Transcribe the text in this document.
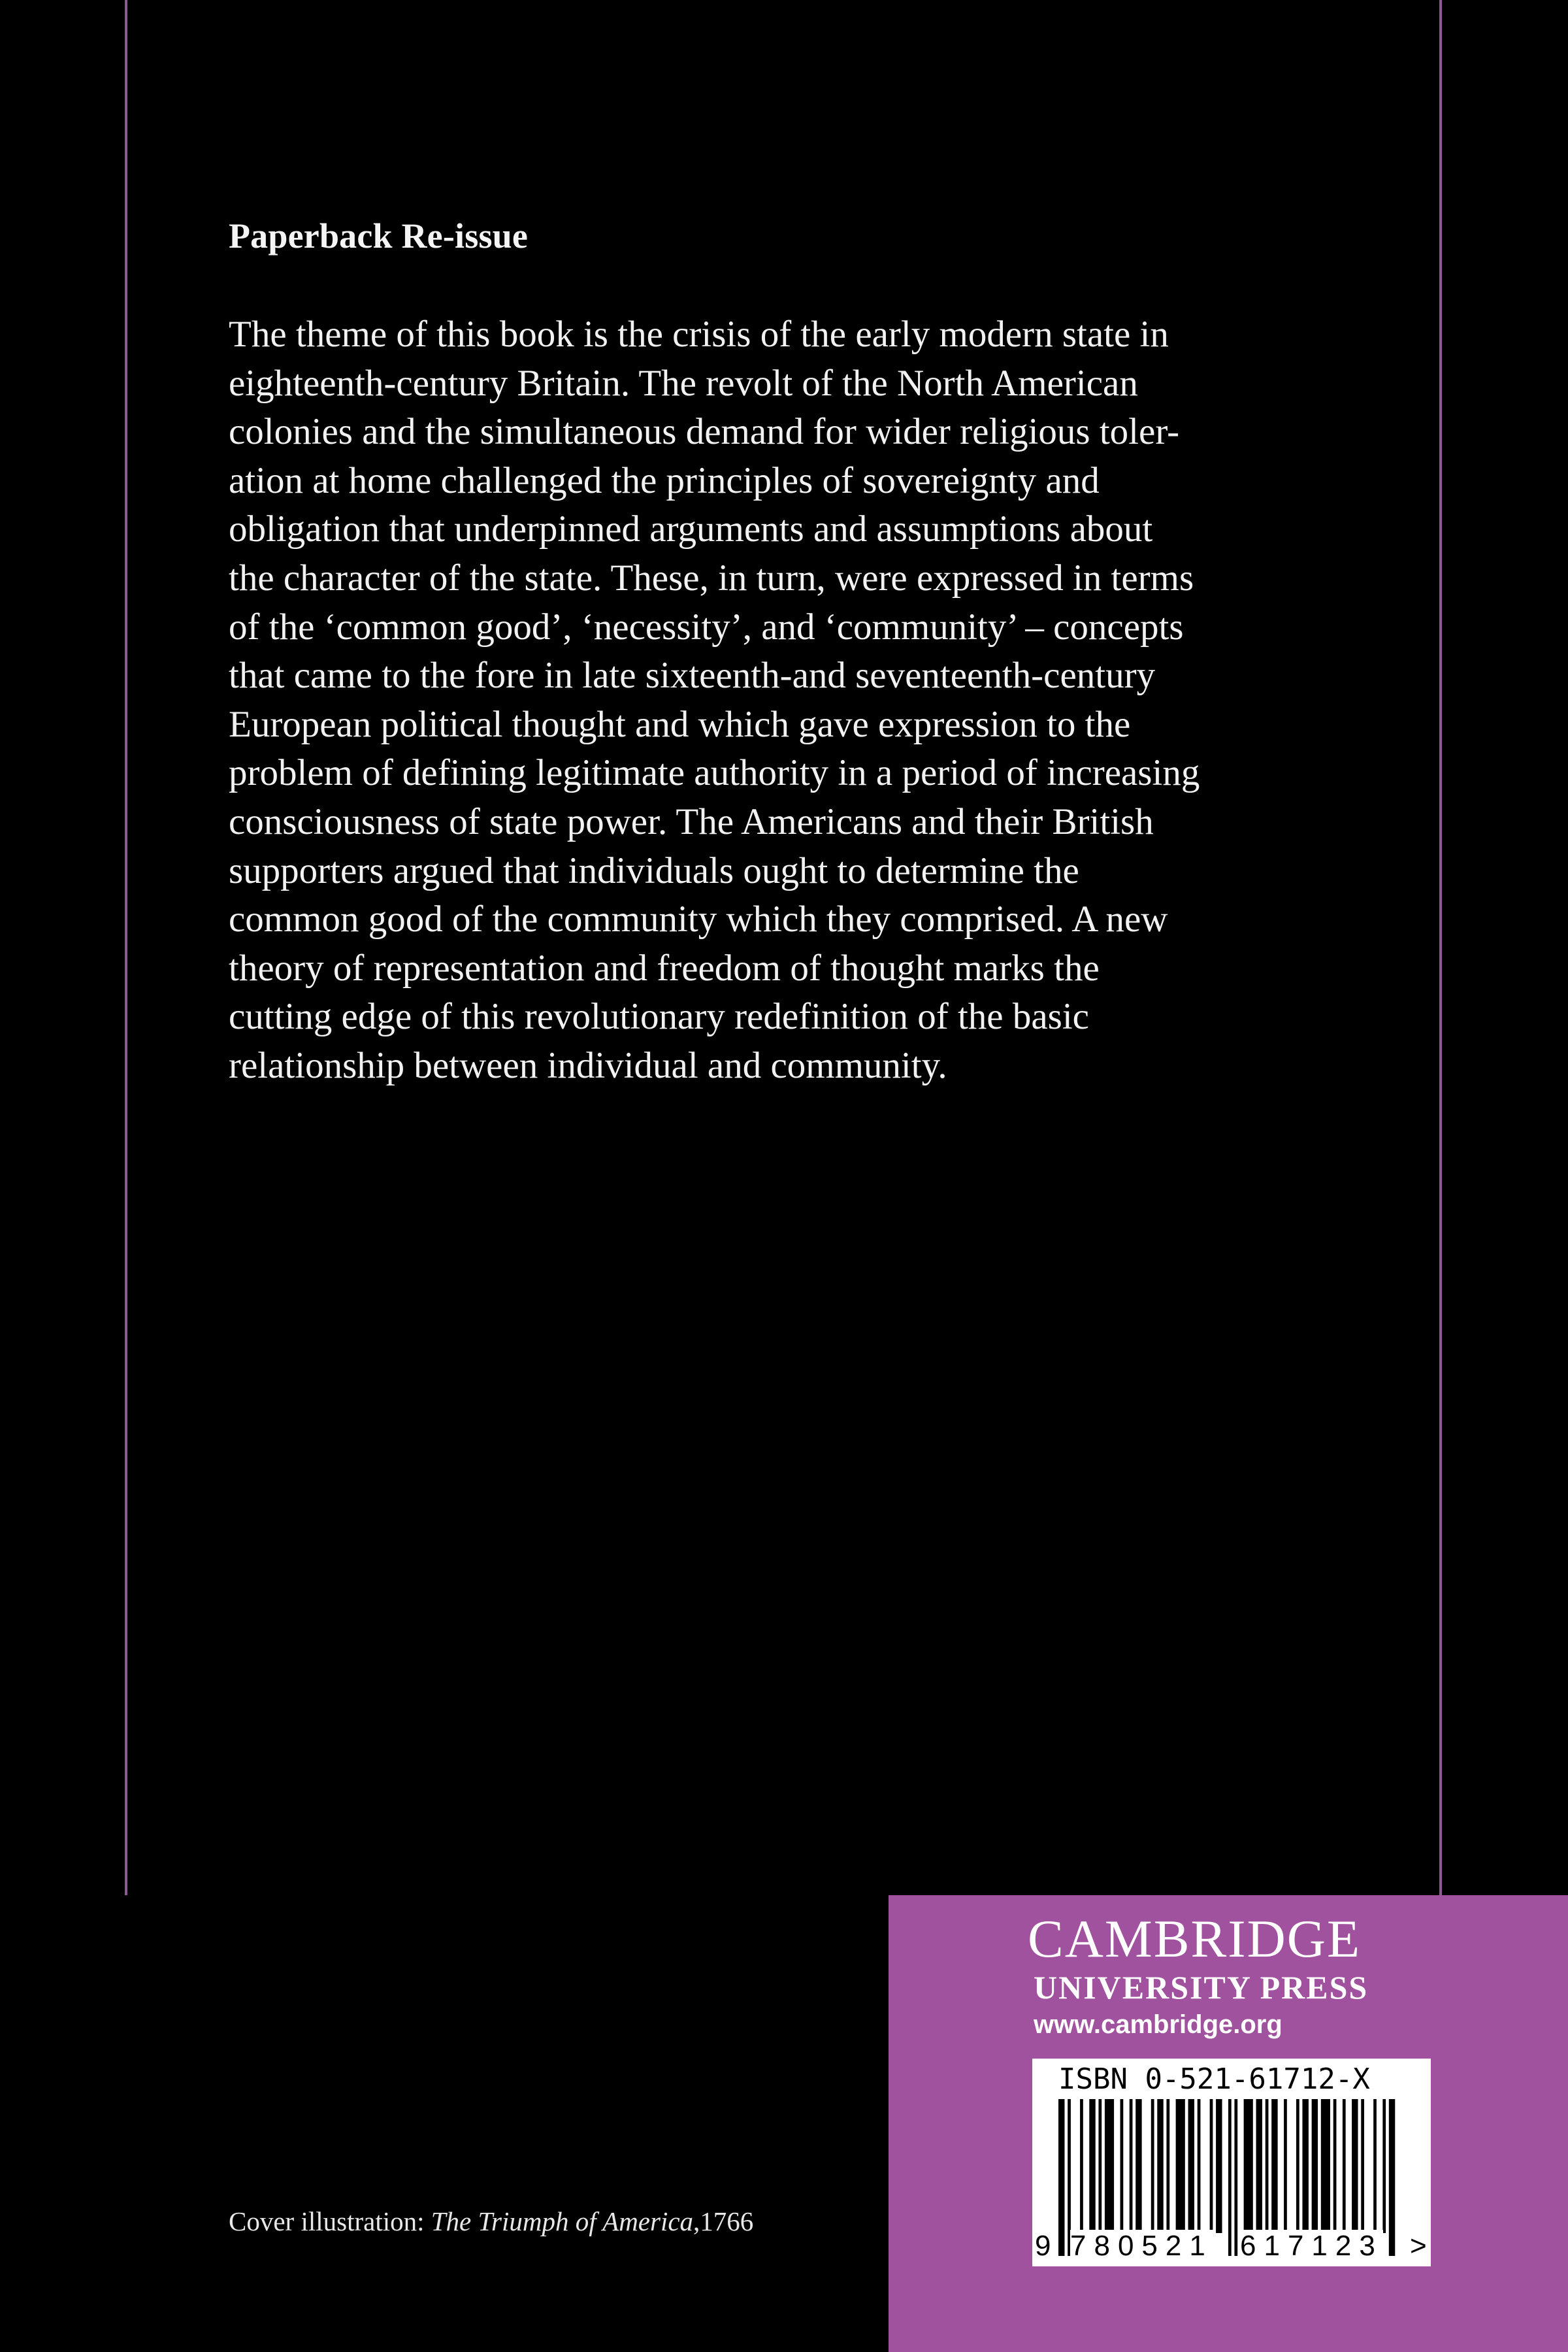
Paperback Re-issue

The theme of this book is the crisis of the early modern state in
eighteenth-century Britain. The revolt of the North American
colonies and the simultaneous demand for wider religious toler-
ation at home challenged the principles of sovereignty and
obligation that underpinned arguments and assumptions about
the character of the state. These, in turn, were expressed in terms
of the ‘common good’, ‘necessity’, and ‘community’ – concepts
that came to the fore in late sixteenth-and seventeenth-century
European political thought and which gave expression to the
problem of defining legitimate authority in a period of increasing
consciousness of state power. The Americans and their British
supporters argued that individuals ought to determine the
common good of the community which they comprised. A new
theory of representation and freedom of thought marks the
cutting edge of this revolutionary redefinition of the basic
relationship between individual and community.

Cover illustration: The Triumph of America,1766
CAMBRIDGE
UNIVERSITY PRESS
www.cambridge.org
ISBN 0-521-61712-X
9 780521 617123 >
